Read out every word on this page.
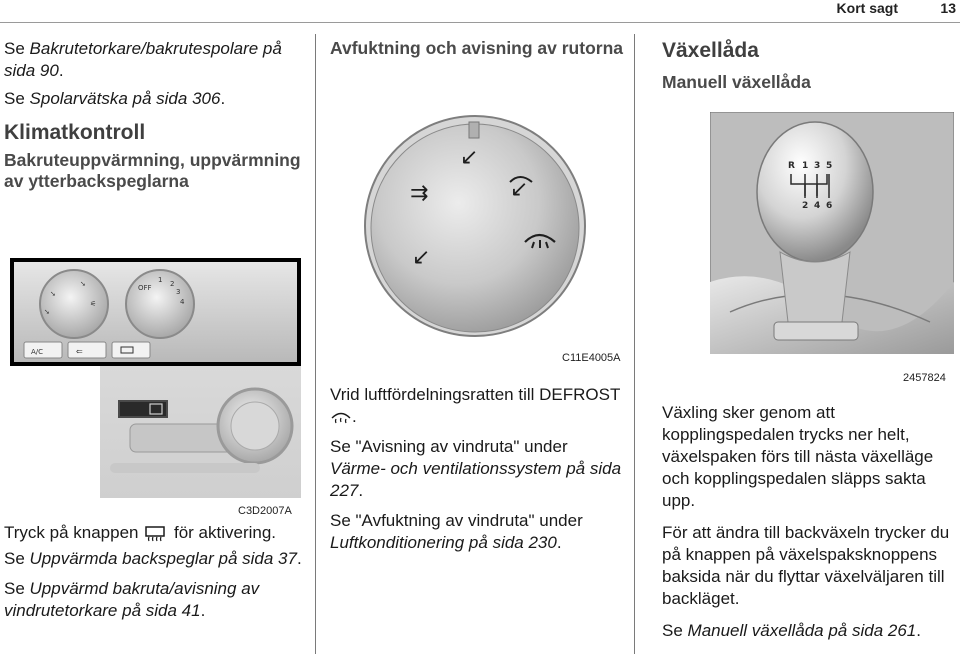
Kort sagt	13

Se Bakrutetorkare/bakrutespolare på sida 90.

Se Spolarvätska på sida 306.

Klimatkontroll
Bakruteuppvärmning, uppvärmning av ytterbackspeglarna
➘
➘
➘
⚟
1 2
3
4
OFF
A/C	⇐
C3D2007A

Tryck på knappen för aktivering.

Se Uppvärmda backspeglar på sida 37.

Se Uppvärmd bakruta/avisning av vindrutetorkare på sida 41.

Avfuktning och avisning av rutorna
↙
⇉	↙
↙
C11E4005A

Vrid luftfördelningsratten till DEFROST.

Se "Avisning av vindruta" under Värme- och ventilationssystem på sida 227.

Se "Avfuktning av vindruta" under Luftkonditionering på sida 230.

Växellåda
Manuell växellåda
R 1 3 5
2 4 6
2457824

Växling sker genom att kopplingspedalen trycks ner helt, växelspaken förs till nästa växelläge och kopplingspedalen släpps sakta upp.

För att ändra till backväxeln trycker du på knappen på växelspaksknoppens baksida när du flyttar växelväljaren till backläget.

Se Manuell växellåda på sida 261.
